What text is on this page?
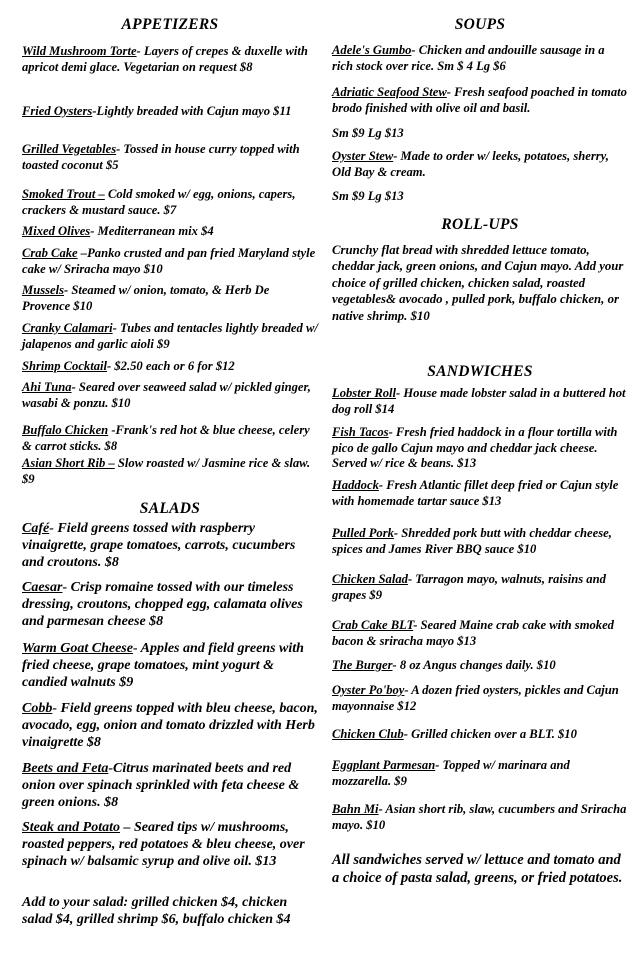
APPETIZERS
Wild Mushroom Torte- Layers of crepes & duxelle with apricot demi glace. Vegetarian on request $8
Fried Oysters-Lightly breaded with Cajun mayo $11
Grilled Vegetables- Tossed in house curry topped with toasted coconut $5
Smoked Trout – Cold smoked w/ egg, onions, capers, crackers & mustard sauce. $7
Mixed Olives- Mediterranean mix $4
Crab Cake –Panko crusted and pan fried Maryland style cake w/ Sriracha mayo $10
Mussels- Steamed w/ onion, tomato, & Herb De Provence $10
Cranky Calamari- Tubes and tentacles lightly breaded w/ jalapenos and garlic aioli $9
Shrimp Cocktail- $2.50 each or 6 for $12
Ahi Tuna- Seared over seaweed salad w/ pickled ginger, wasabi & ponzu. $10
Buffalo Chicken -Frank's red hot & blue cheese, celery & carrot sticks. $8
Asian Short Rib – Slow roasted w/ Jasmine rice & slaw. $9
SALADS
Café- Field greens tossed with raspberry vinaigrette, grape tomatoes, carrots, cucumbers and croutons. $8
Caesar- Crisp romaine tossed with our timeless dressing, croutons, chopped egg, calamata olives and parmesan cheese $8
Warm Goat Cheese- Apples and field greens with fried cheese, grape tomatoes, mint yogurt & candied walnuts $9
Cobb- Field greens topped with bleu cheese, bacon, avocado, egg, onion and tomato drizzled with Herb vinaigrette $8
Beets and Feta-Citrus marinated beets and red onion over spinach sprinkled with feta cheese & green onions. $8
Steak and Potato – Seared tips w/ mushrooms, roasted peppers, red potatoes & bleu cheese, over spinach w/ balsamic syrup and olive oil. $13
Add to your salad: grilled chicken $4, chicken salad $4, grilled shrimp $6, buffalo chicken $4
SOUPS
Adele's Gumbo- Chicken and andouille sausage in a rich stock over rice. Sm $ 4 Lg $6
Adriatic Seafood Stew- Fresh seafood poached in tomato brodo finished with olive oil and basil.
Sm $9 Lg $13
Oyster Stew- Made to order w/ leeks, potatoes, sherry, Old Bay & cream.
Sm $9 Lg $13
ROLL-UPS
Crunchy flat bread with shredded lettuce tomato, cheddar jack, green onions, and Cajun mayo. Add your choice of grilled chicken, chicken salad, roasted vegetables& avocado , pulled pork, buffalo chicken, or native shrimp. $10
SANDWICHES
Lobster Roll- House made lobster salad in a buttered hot dog roll $14
Fish Tacos- Fresh fried haddock in a flour tortilla with pico de gallo Cajun mayo and cheddar jack cheese. Served w/ rice & beans. $13
Haddock- Fresh Atlantic fillet deep fried or Cajun style with homemade tartar sauce $13
Pulled Pork- Shredded pork butt with cheddar cheese, spices and James River BBQ sauce $10
Chicken Salad- Tarragon mayo, walnuts, raisins and grapes $9
Crab Cake BLT- Seared Maine crab cake with smoked bacon & sriracha mayo $13
The Burger- 8 oz Angus changes daily. $10
Oyster Po'boy- A dozen fried oysters, pickles and Cajun mayonnaise $12
Chicken Club- Grilled chicken over a BLT. $10
Eggplant Parmesan- Topped w/ marinara and mozzarella. $9
Bahn Mi- Asian short rib, slaw, cucumbers and Sriracha mayo. $10
All sandwiches served w/ lettuce and tomato and a choice of pasta salad, greens, or fried potatoes.
